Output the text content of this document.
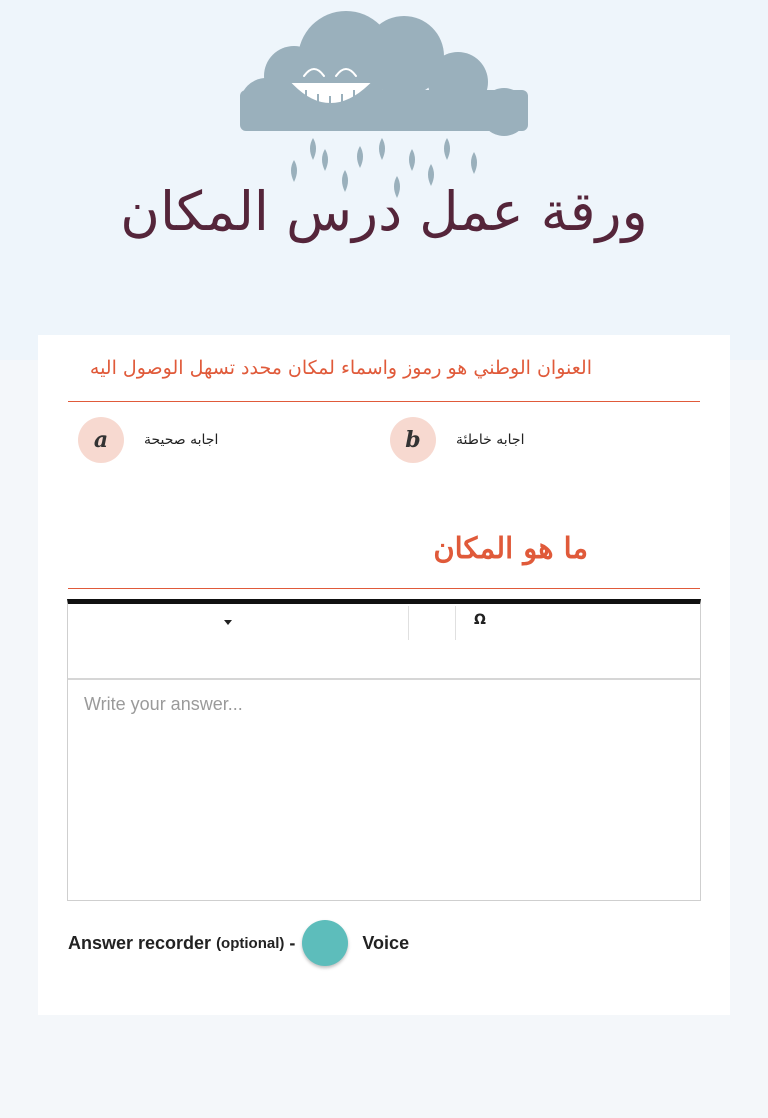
ورقة عمل درس المكان
العنوان الوطني هو رموز واسماء لمكان محدد تسهل الوصول اليه
a	اجابه صحيحة	b	اجابه خاطئة
ما هو المكان
Ω
Write your answer...
Answer recorder (optional) -	Voice
